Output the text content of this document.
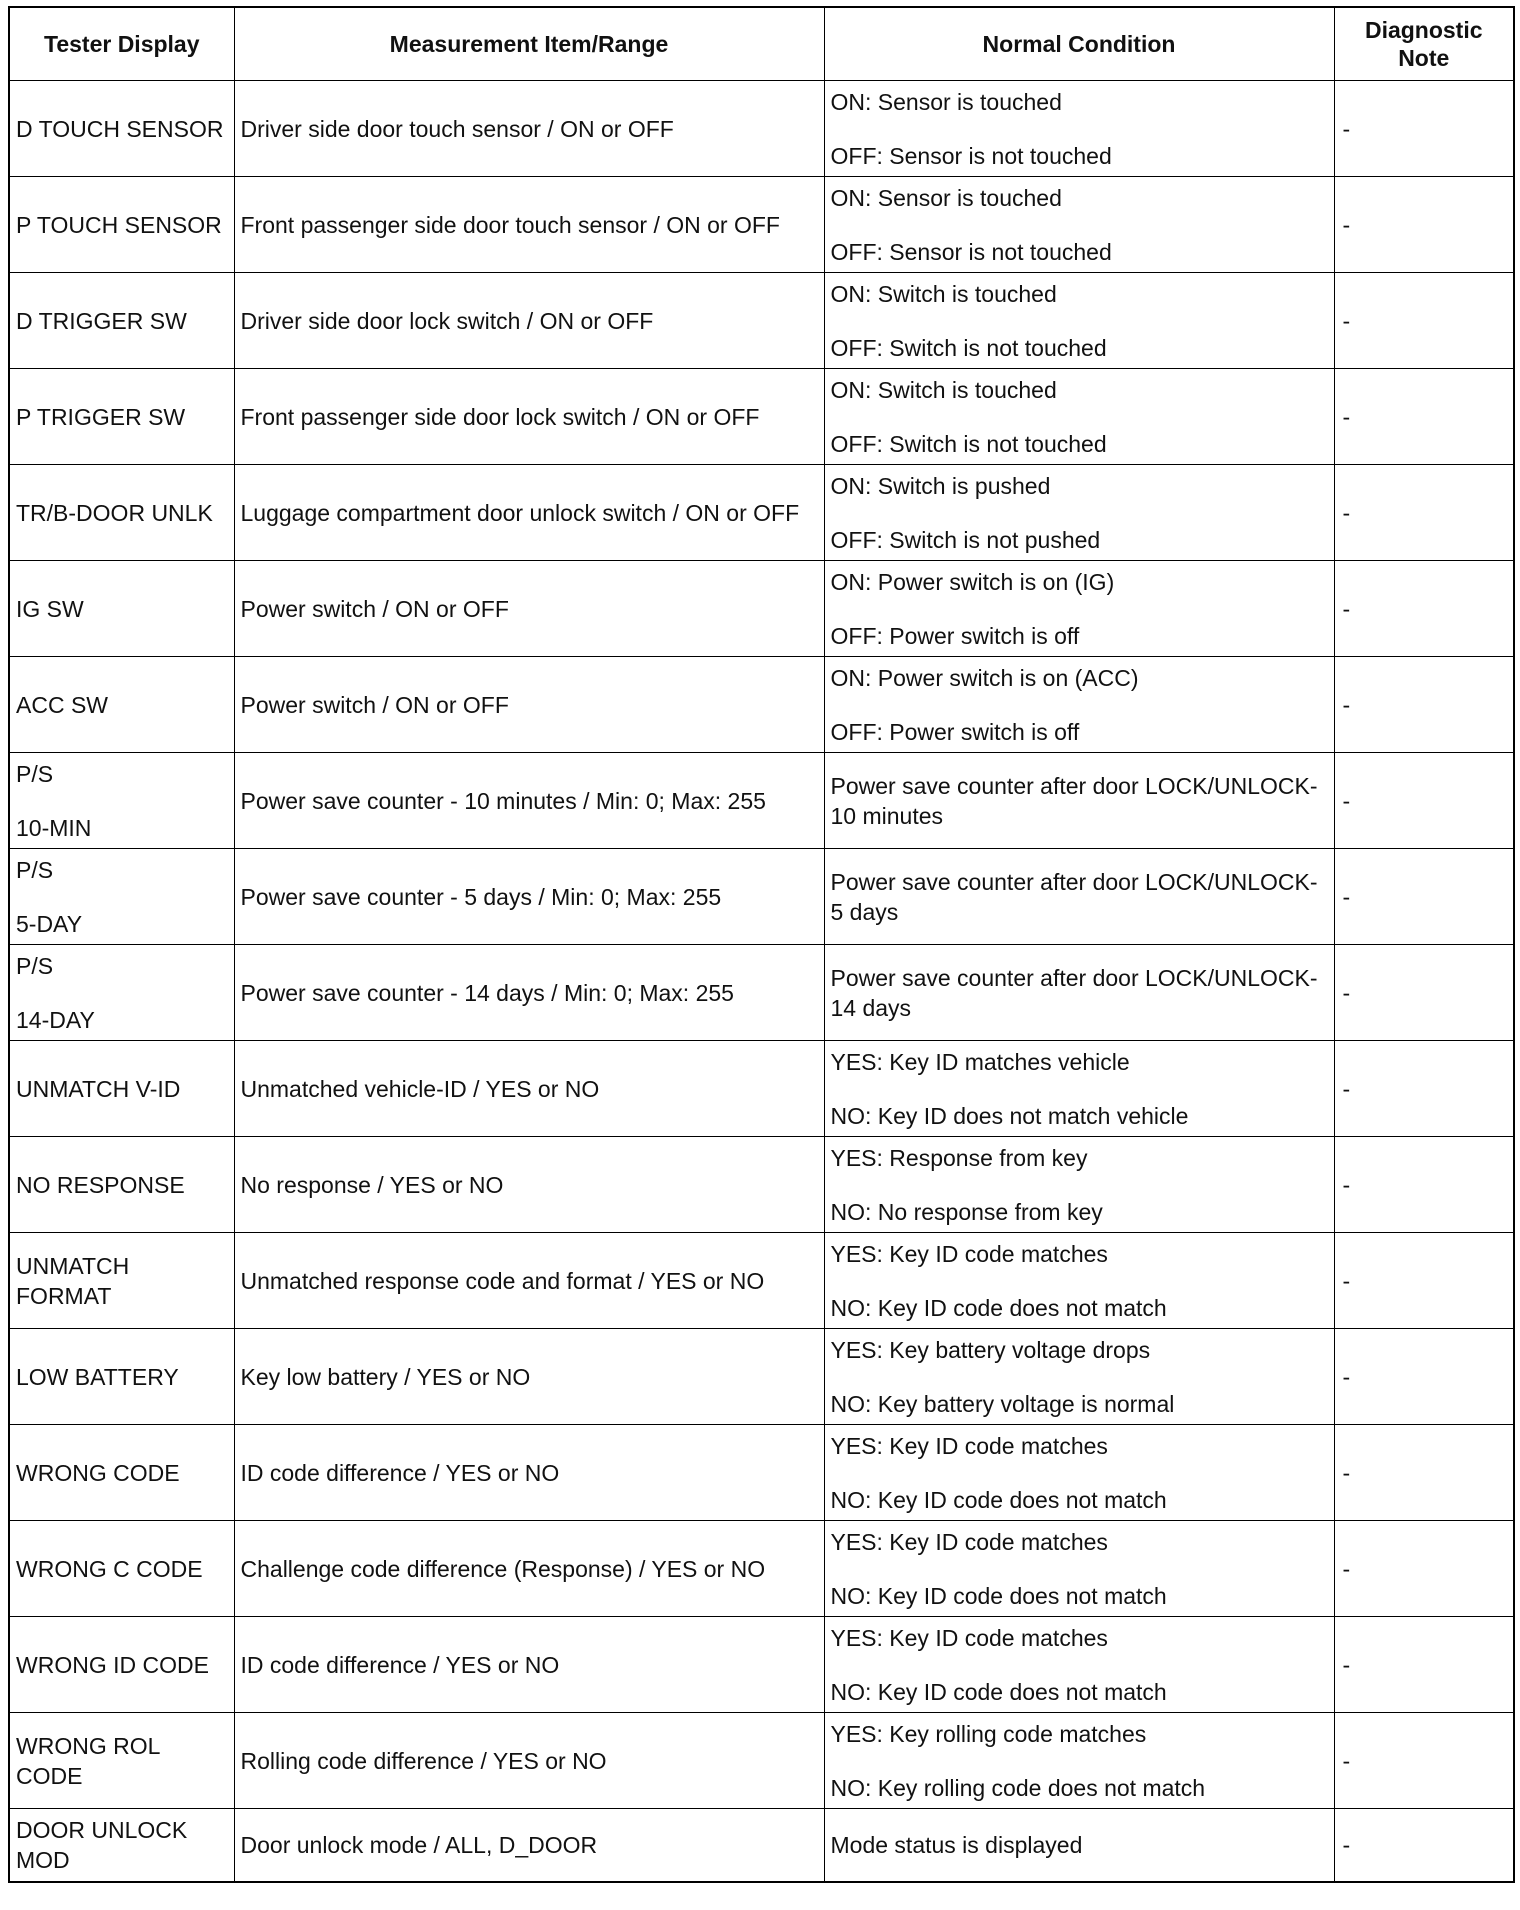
Tester Display	Measurement Item/Range	Normal Condition	Diagnostic Note

D TOUCH SENSOR	Driver side door touch sensor / ON or OFF	ON: Sensor is touched
OFF: Sensor is not touched	-

P TOUCH SENSOR	Front passenger side door touch sensor / ON or OFF	ON: Sensor is touched
OFF: Sensor is not touched	-

D TRIGGER SW	Driver side door lock switch / ON or OFF	ON: Switch is touched
OFF: Switch is not touched	-

P TRIGGER SW	Front passenger side door lock switch / ON or OFF	ON: Switch is touched
OFF: Switch is not touched	-

TR/B-DOOR UNLK	Luggage compartment door unlock switch / ON or OFF	ON: Switch is pushed
OFF: Switch is not pushed	-

IG SW	Power switch / ON or OFF	ON: Power switch is on (IG)
OFF: Power switch is off	-

ACC SW	Power switch / ON or OFF	ON: Power switch is on (ACC)
OFF: Power switch is off	-

P/S
10-MIN	Power save counter - 10 minutes / Min: 0; Max: 255	Power save counter after door LOCK/UNLOCK-10 minutes	-

P/S
5-DAY	Power save counter - 5 days / Min: 0; Max: 255	Power save counter after door LOCK/UNLOCK-5 days	-

P/S
14-DAY	Power save counter - 14 days / Min: 0; Max: 255	Power save counter after door LOCK/UNLOCK-14 days	-

UNMATCH V-ID	Unmatched vehicle-ID / YES or NO	YES: Key ID matches vehicle
NO: Key ID does not match vehicle	-

NO RESPONSE	No response / YES or NO	YES: Response from key
NO: No response from key	-

UNMATCH FORMAT	Unmatched response code and format / YES or NO	YES: Key ID code matches
NO: Key ID code does not match	-

LOW BATTERY	Key low battery / YES or NO	YES: Key battery voltage drops
NO: Key battery voltage is normal	-

WRONG CODE	ID code difference / YES or NO	YES: Key ID code matches
NO: Key ID code does not match	-

WRONG C CODE	Challenge code difference (Response) / YES or NO	YES: Key ID code matches
NO: Key ID code does not match	-

WRONG ID CODE	ID code difference / YES or NO	YES: Key ID code matches
NO: Key ID code does not match	-

WRONG ROL CODE	Rolling code difference / YES or NO	YES: Key rolling code matches
NO: Key rolling code does not match	-

DOOR UNLOCK MOD	Door unlock mode / ALL, D_DOOR	Mode status is displayed	-
